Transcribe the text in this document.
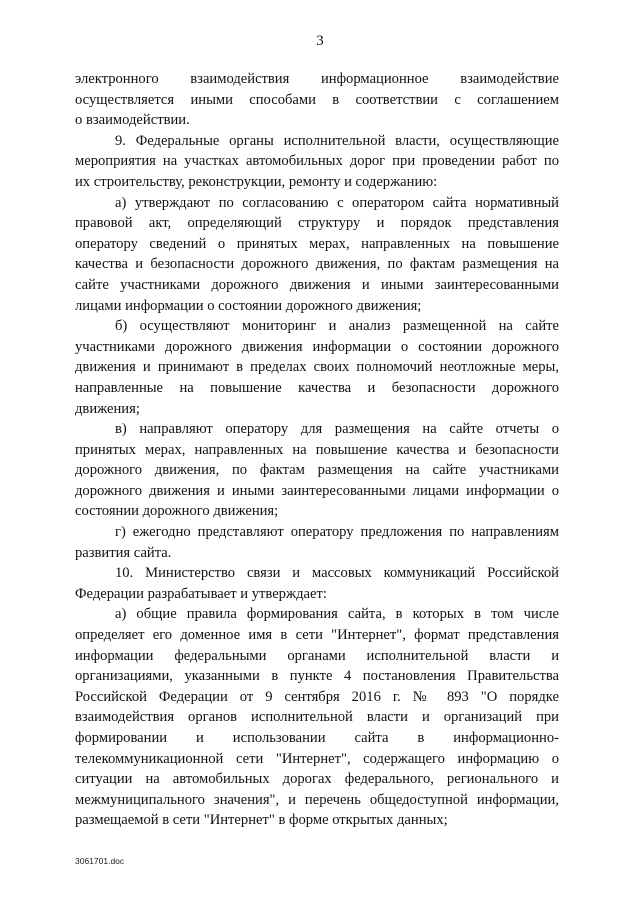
3
электронного взаимодействия информационное взаимодействие
осуществляется иными способами в соответствии с соглашением
о взаимодействии.
9. Федеральные органы исполнительной власти, осуществляющие
мероприятия на участках автомобильных дорог при проведении работ по
их строительству, реконструкции, ремонту и содержанию:
а) утверждают по согласованию с оператором сайта нормативный
правовой акт, определяющий структуру и порядок представления
оператору сведений о принятых мерах, направленных на повышение
качества и безопасности дорожного движения, по фактам размещения на
сайте участниками дорожного движения и иными заинтересованными
лицами информации о состоянии дорожного движения;
б) осуществляют мониторинг и анализ размещенной на сайте
участниками дорожного движения информации о состоянии дорожного
движения и принимают в пределах своих полномочий неотложные меры,
направленные на повышение качества и безопасности дорожного
движения;
в) направляют оператору для размещения на сайте отчеты о
принятых мерах, направленных на повышение качества и безопасности
дорожного движения, по фактам размещения на сайте участниками
дорожного движения и иными заинтересованными лицами информации о
состоянии дорожного движения;
г) ежегодно представляют оператору предложения по направлениям
развития сайта.
10. Министерство связи и массовых коммуникаций Российской
Федерации разрабатывает и утверждает:
а) общие правила формирования сайта, в которых в том числе
определяет его доменное имя в сети "Интернет", формат представления
информации федеральными органами исполнительной власти и
организациями, указанными в пункте 4 постановления Правительства
Российской Федерации от 9 сентября 2016 г. № 893 "О порядке
взаимодействия органов исполнительной власти и организаций при
формировании и использовании сайта в информационно-
телекоммуникационной сети "Интернет", содержащего информацию о
ситуации на автомобильных дорогах федерального, регионального и
межмуниципального значения", и перечень общедоступной информации,
размещаемой в сети "Интернет" в форме открытых данных;
3061701.doc
